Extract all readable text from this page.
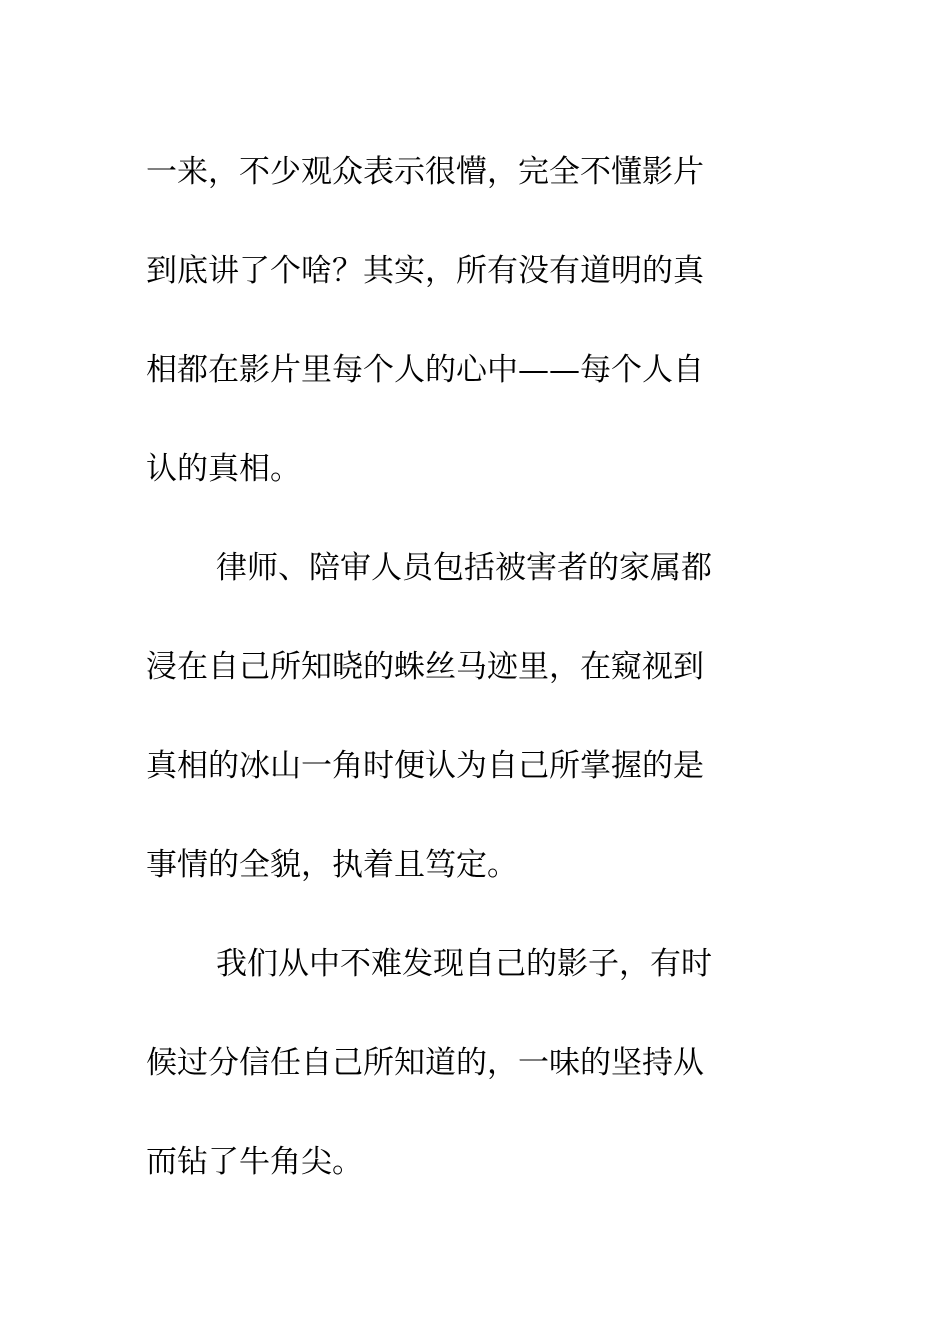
一来，不少观众表示很懵，完全不懂影片
到底讲了个啥？其实，所有没有道明的真
相都在影片里每个人的心中——每个人自
认的真相。
律师、陪审人员包括被害者的家属都
浸在自己所知晓的蛛丝马迹里，在窥视到
真相的冰山一角时便认为自己所掌握的是
事情的全貌，执着且笃定。
我们从中不难发现自己的影子，有时
候过分信任自己所知道的，一味的坚持从
而钻了牛角尖。
